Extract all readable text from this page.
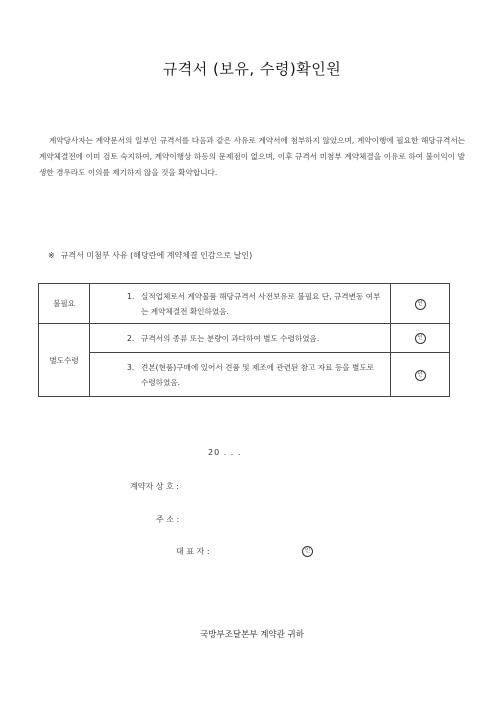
규격서 (보유, 수령)확인원
계약당사자는 계약문서의 일부인 규격서를 다음과 같은 사유로 계약서에 첨부하지 않았으며, 계약이행에 필요한 해당규격서는 계약체결전에 이미 검토 숙지하여, 계약이행상 하등의 문제점이 없으며, 이후 규격서 미첨부 계약체결을 이유로 하여 불이익이 발생한 경우라도 이의를 제기하지 않을 것을 확약합니다.
※ 규격서 미첨부 사유 (해당란에 계약체결 인감으로 날인)
불필요	1. 실적업체로서 계약물품 해당규격서 사전보유로 불필요 단, 규격변동 여부는 계약체결전 확인하였음.	인
별도수령	2. 규격서의 종류 또는 분량이 과다하여 별도 수령하였음.	인
	3. 견본(현품)구매에 있어서 견품 및 제조에 관련된 참고 자료 등을 별도로 수령하였음.	인
20 . . .
계약자 상 호 :
주 소 :
대 표 자 :	인
국방부조달본부 계약관 귀하
